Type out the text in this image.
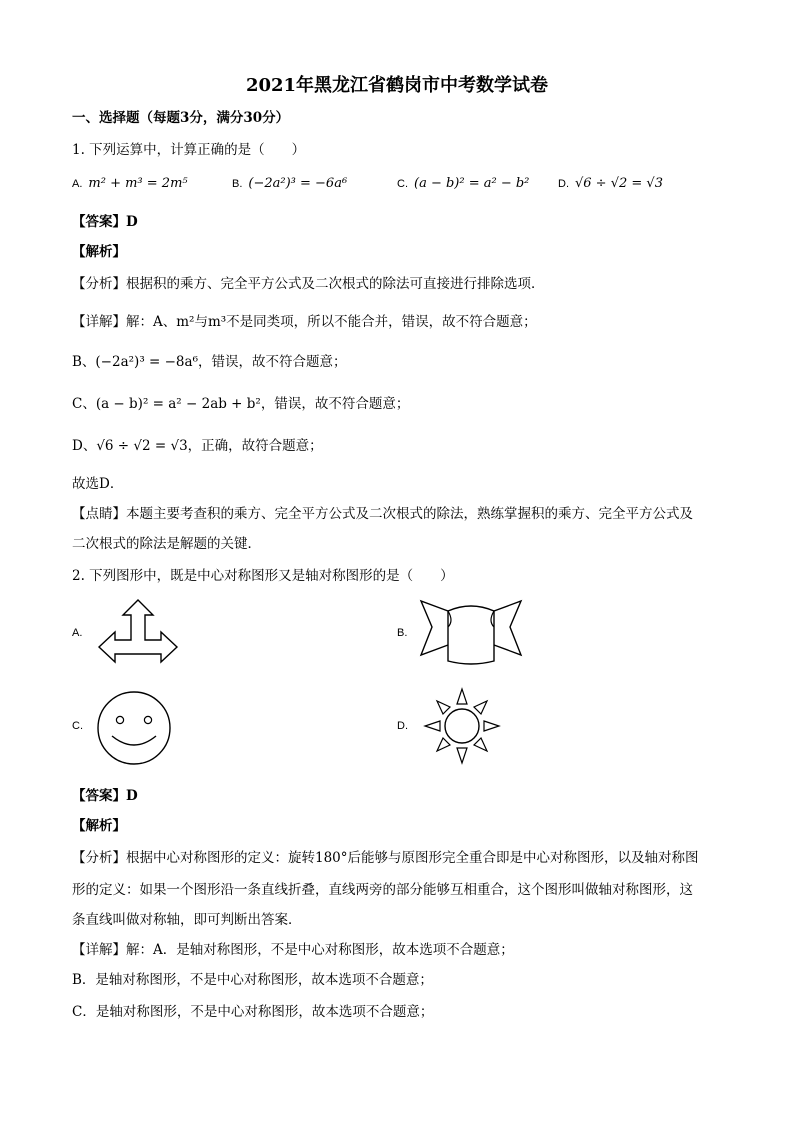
2021年黑龙江省鹤岗市中考数学试卷
一、选择题（每题3分，满分30分）
1. 下列运算中，计算正确的是（　　）
A. m² + m³ = 2m⁵	B. (−2a²)³ = −6a⁶	C. (a − b)² = a² − b²	D. √6 ÷ √2 = √3
【答案】D
【解析】
【分析】根据积的乘方、完全平方公式及二次根式的除法可直接进行排除选项．
【详解】解：A、m²与m³不是同类项，所以不能合并，错误，故不符合题意；
B、(−2a²)³ = −8a⁶，错误，故不符合题意；
C、(a − b)² = a² − 2ab + b²，错误，故不符合题意；
D、√6 ÷ √2 = √3，正确，故符合题意；
故选D．
【点睛】本题主要考查积的乘方、完全平方公式及二次根式的除法，熟练掌握积的乘方、完全平方公式及
二次根式的除法是解题的关键．
2. 下列图形中，既是中心对称图形又是轴对称图形的是（　　）
A.	B.
C.	D.
【答案】D
【解析】
【分析】根据中心对称图形的定义：旋转180°后能够与原图形完全重合即是中心对称图形，以及轴对称图
形的定义：如果一个图形沿一条直线折叠，直线两旁的部分能够互相重合，这个图形叫做轴对称图形，这
条直线叫做对称轴，即可判断出答案．
【详解】解：A．是轴对称图形，不是中心对称图形，故本选项不合题意；
B．是轴对称图形，不是中心对称图形，故本选项不合题意；
C．是轴对称图形，不是中心对称图形，故本选项不合题意；
